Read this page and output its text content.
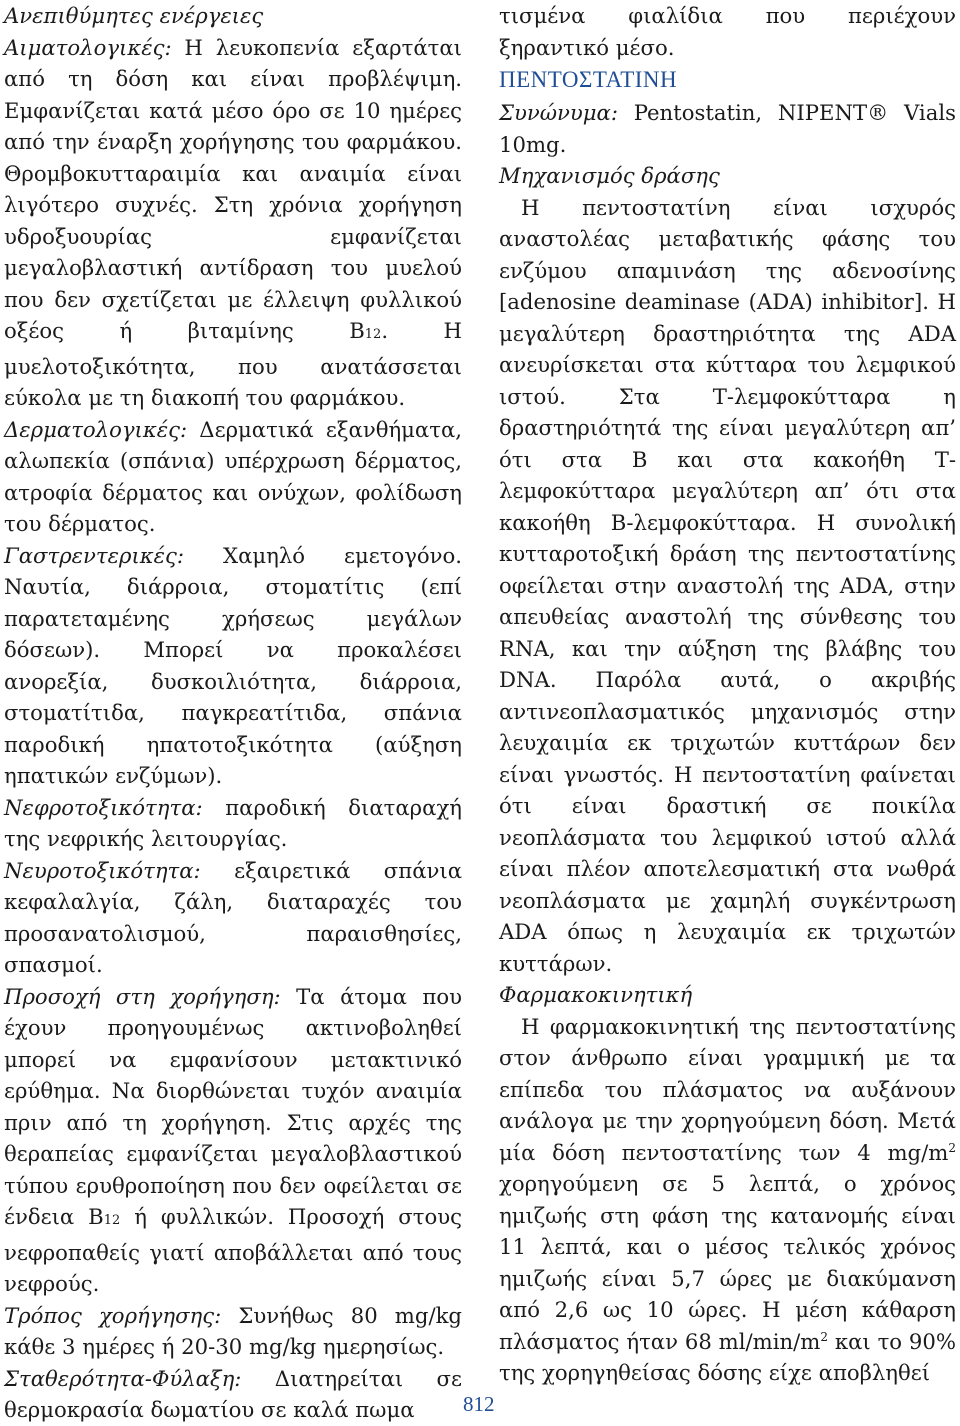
Ανεπιθύμητες ενέργειες

Αιματολογικές: Η λευκοπενία εξαρτάται από τη δόση και είναι προβλέψιμη. Εμφανίζεται κατά μέσο όρο σε 10 ημέρες από την έναρξη χορήγησης του φαρμάκου. Θρομβοκυτταραιμία και αναιμία είναι λιγότερο συχνές. Στη χρόνια χορήγηση υδροξυουρίας εμφανίζεται μεγαλοβλαστική αντίδραση του μυελού που δεν σχετίζεται με έλλειψη φυλλικού οξέος ή βιταμίνης Β12. Η μυελοτοξικότητα, που ανατάσσεται εύκολα με τη διακοπή του φαρμάκου.

Δερματολογικές: Δερματικά εξανθήματα, αλωπεκία (σπάνια) υπέρχρωση δέρματος, ατροφία δέρματος και ονύχων, φολίδωση του δέρματος.

Γαστρεντερικές: Χαμηλό εμετογόνο. Ναυτία, διάρροια, στοματίτις (επί παρατεταμένης χρήσεως μεγάλων δόσεων). Μπορεί να προκαλέσει ανορεξία, δυσκοιλιότητα, διάρροια, στοματίτιδα, παγκρεατίτιδα, σπάνια παροδική ηπατοτοξικότητα (αύξηση ηπατικών ενζύμων).

Νεφροτοξικότητα: παροδική διαταραχή της νεφρικής λειτουργίας.

Νευροτοξικότητα: εξαιρετικά σπάνια κεφαλαλγία, ζάλη, διαταραχές του προσανατολισμού, παραισθησίες, σπασμοί.

Προσοχή στη χορήγηση: Τα άτομα που έχουν προηγουμένως ακτινοβοληθεί μπορεί να εμφανίσουν μετακτινικό ερύθημα. Να διορθώνεται τυχόν αναιμία πριν από τη χορήγηση. Στις αρχές της θεραπείας εμφανίζεται μεγαλοβλαστικού τύπου ερυθροποίηση που δεν οφείλεται σε ένδεια Β12 ή φυλλικών. Προσοχή στους νεφροπαθείς γιατί αποβάλλεται από τους νεφρούς.

Τρόπος χορήγησης: Συνήθως 80 mg/kg κάθε 3 ημέρες ή 20-30 mg/kg ημερησίως.

Σταθερότητα-Φύλαξη: Διατηρείται σε θερμοκρασία δωματίου σε καλά πωμα

τισμένα φιαλίδια που περιέχουν ξηραντικό μέσο.

ΠΕΝΤΟΣΤΑΤΙΝΗ

Συνώνυμα: Pentostatin, NIPENT® Vials 10mg.

Μηχανισμός δράσης

Η πεντοστατίνη είναι ισχυρός αναστολέας μεταβατικής φάσης του ενζύμου απαμινάση της αδενοσίνης [adenosine deaminase (ADA) inhibitor]. Η μεγαλύτερη δραστηριότητα της ADA ανευρίσκεται στα κύτταρα του λεμφικού ιστού. Στα Τ-λεμφοκύτταρα η δραστηριότητά της είναι μεγαλύτερη απ’ ότι στα Β και στα κακοήθη Τ-λεμφοκύτταρα μεγαλύτερη απ’ ότι στα κακοήθη Β-λεμφοκύτταρα. Η συνολική κυτταροτοξική δράση της πεντοστατίνης οφείλεται στην αναστολή της ADA, στην απευθείας αναστολή της σύνθεσης του RNA, και την αύξηση της βλάβης του DNA. Παρόλα αυτά, ο ακριβής αντινεοπλασματικός μηχανισμός στην λευχαιμία εκ τριχωτών κυττάρων δεν είναι γνωστός. Η πεντοστατίνη φαίνεται ότι είναι δραστική σε ποικίλα νεοπλάσματα του λεμφικού ιστού αλλά είναι πλέον αποτελεσματική στα νωθρά νεοπλάσματα με χαμηλή συγκέντρωση ADA όπως η λευχαιμία εκ τριχωτών κυττάρων.

Φαρμακοκινητική

Η φαρμακοκινητική της πεντοστατίνης στον άνθρωπο είναι γραμμική με τα επίπεδα του πλάσματος να αυξάνουν ανάλογα με την χορηγούμενη δόση. Μετά μία δόση πεντοστατίνης των 4 $mg/m^2$ χορηγούμενη σε 5 λεπτά, ο χρόνος ημιζωής στη φάση της κατανομής είναι 11 λεπτά, και ο μέσος τελικός χρόνος ημιζωής είναι 5,7 ώρες με διακύμανση από 2,6 ως 10 ώρες. Η μέση κάθαρση πλάσματος ήταν 68 $ml/\min/m^2$ και το 90% της χορηγηθείσας δόσης είχε αποβληθεί

812
